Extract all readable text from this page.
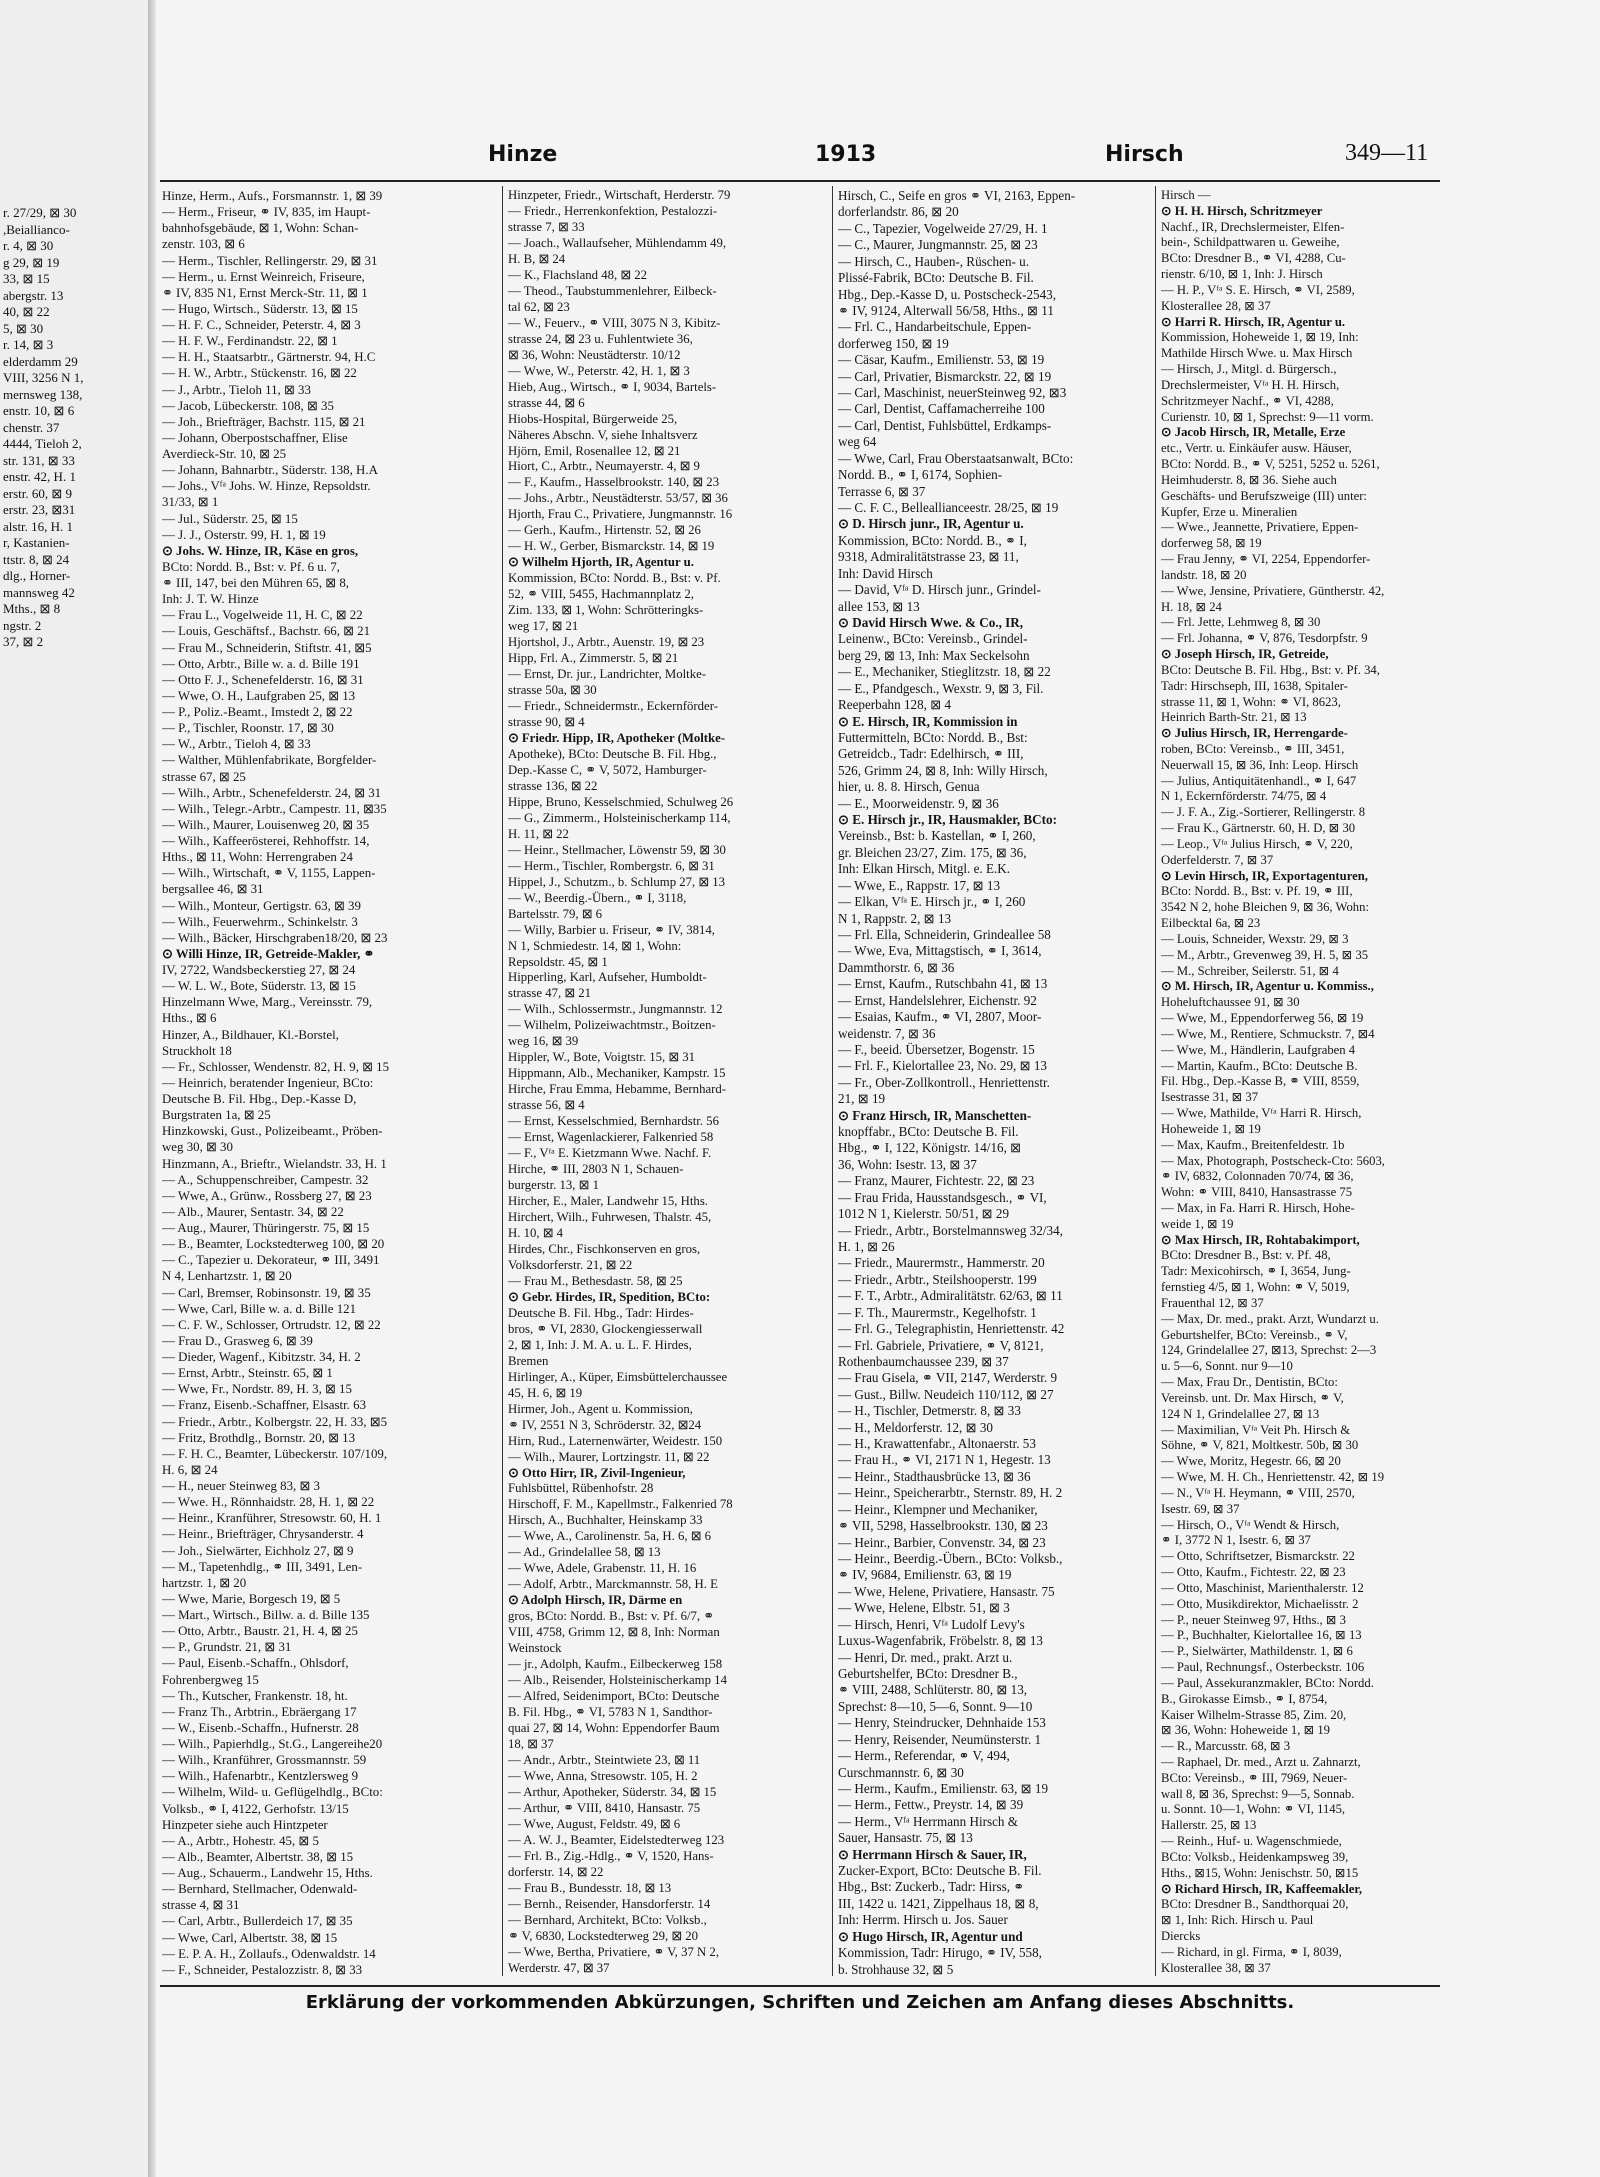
r. 27/29, ⊠ 30
,Beiallianco-
r. 4, ⊠ 30
g 29, ⊠ 19
33, ⊠ 15
abergstr. 13
40, ⊠ 22
5, ⊠ 30
r. 14, ⊠ 3
elderdamm 29
VIII, 3256 N 1,
mernsweg 138,
enstr. 10, ⊠ 6
chenstr. 37
4444, Tieloh 2,
str. 131, ⊠ 33
enstr. 42, H. 1
erstr. 60, ⊠ 9
erstr. 23, ⊠31
alstr. 16, H. 1
r, Kastanien-
ttstr. 8, ⊠ 24
dlg., Horner-
mannsweg 42
Mths., ⊠ 8
ngstr. 2
37, ⊠ 2
Hinze	1913	Hirsch	349—11
Hinze, Herm., Aufs., Forsmannstr. 1, ⊠ 39
— Herm., Friseur, ⚭ IV, 835, im Haupt-
bahnhofsgebäude, ⊠ 1, Wohn: Schan-
zenstr. 103, ⊠ 6
— Herm., Tischler, Rellingerstr. 29, ⊠ 31
— Herm., u. Ernst Weinreich, Friseure,
⚭ IV, 835 N1, Ernst Merck-Str. 11, ⊠ 1
— Hugo, Wirtsch., Süderstr. 13, ⊠ 15
— H. F. C., Schneider, Peterstr. 4, ⊠ 3
— H. F. W., Ferdinandstr. 22, ⊠ 1
— H. H., Staatsarbtr., Gärtnerstr. 94, H.C
— H. W., Arbtr., Stückenstr. 16, ⊠ 22
— J., Arbtr., Tieloh 11, ⊠ 33
— Jacob, Lübeckerstr. 108, ⊠ 35
— Joh., Briefträger, Bachstr. 115, ⊠ 21
— Johann, Oberpostschaffner, Elise
Averdieck-Str. 10, ⊠ 25
— Johann, Bahnarbtr., Süderstr. 138, H.A
— Johs., Vᶠᵃ Johs. W. Hinze, Repsoldstr.
31/33, ⊠ 1
— Jul., Süderstr. 25, ⊠ 15
— J. J., Osterstr. 99, H. 1, ⊠ 19
⊙ Johs. W. Hinze, IR, Käse en gros,
BCto: Nordd. B., Bst: v. Pf. 6 u. 7,
⚭ III, 147, bei den Mühren 65, ⊠ 8,
Inh: J. T. W. Hinze
— Frau L., Vogelweide 11, H. C, ⊠ 22
— Louis, Geschäftsf., Bachstr. 66, ⊠ 21
— Frau M., Schneiderin, Stiftstr. 41, ⊠5
— Otto, Arbtr., Bille w. a. d. Bille 191
— Otto F. J., Schenefelderstr. 16, ⊠ 31
— Wwe, O. H., Laufgraben 25, ⊠ 13
— P., Poliz.-Beamt., Imstedt 2, ⊠ 22
— P., Tischler, Roonstr. 17, ⊠ 30
— W., Arbtr., Tieloh 4, ⊠ 33
— Walther, Mühlenfabrikate, Borgfelder-
strasse 67, ⊠ 25
— Wilh., Arbtr., Schenefelderstr. 24, ⊠ 31
— Wilh., Telegr.-Arbtr., Campestr. 11, ⊠35
— Wilh., Maurer, Louisenweg 20, ⊠ 35
— Wilh., Kaffeerösterei, Rehhoffstr. 14,
Hths., ⊠ 11, Wohn: Herrengraben 24
— Wilh., Wirtschaft, ⚭ V, 1155, Lappen-
bergsallee 46, ⊠ 31
— Wilh., Monteur, Gertigstr. 63, ⊠ 39
— Wilh., Feuerwehrm., Schinkelstr. 3
— Wilh., Bäcker, Hirschgraben18/20, ⊠ 23
⊙ Willi Hinze, IR, Getreide-Makler, ⚭
IV, 2722, Wandsbeckerstieg 27, ⊠ 24
— W. L. W., Bote, Süderstr. 13, ⊠ 15
Hinzelmann Wwe, Marg., Vereinsstr. 79,
Hths., ⊠ 6
Hinzer, A., Bildhauer, Kl.-Borstel,
Struckholt 18
— Fr., Schlosser, Wendenstr. 82, H. 9, ⊠ 15
— Heinrich, beratender Ingenieur, BCto:
Deutsche B. Fil. Hbg., Dep.-Kasse D,
Burgstraten 1a, ⊠ 25
Hinzkowski, Gust., Polizeibeamt., Pröben-
weg 30, ⊠ 30
Hinzmann, A., Brieftr., Wielandstr. 33, H. 1
— A., Schuppenschreiber, Campestr. 32
— Wwe, A., Grünw., Rossberg 27, ⊠ 23
— Alb., Maurer, Sentastr. 34, ⊠ 22
— Aug., Maurer, Thüringerstr. 75, ⊠ 15
— B., Beamter, Lockstedterweg 100, ⊠ 20
— C., Tapezier u. Dekorateur, ⚭ III, 3491
N 4, Lenhartzstr. 1, ⊠ 20
— Carl, Bremser, Robinsonstr. 19, ⊠ 35
— Wwe, Carl, Bille w. a. d. Bille 121
— C. F. W., Schlosser, Ortrudstr. 12, ⊠ 22
— Frau D., Grasweg 6, ⊠ 39
— Dieder, Wagenf., Kibitzstr. 34, H. 2
— Ernst, Arbtr., Steinstr. 65, ⊠ 1
— Wwe, Fr., Nordstr. 89, H. 3, ⊠ 15
— Franz, Eisenb.-Schaffner, Elsastr. 63
— Friedr., Arbtr., Kolbergstr. 22, H. 33, ⊠5
— Fritz, Brothdlg., Bornstr. 20, ⊠ 13
— F. H. C., Beamter, Lübeckerstr. 107/109,
H. 6, ⊠ 24
— H., neuer Steinweg 83, ⊠ 3
— Wwe. H., Rönnhaidstr. 28, H. 1, ⊠ 22
— Heinr., Kranführer, Stresowstr. 60, H. 1
— Heinr., Briefträger, Chrysanderstr. 4
— Joh., Sielwärter, Eichholz 27, ⊠ 9
— M., Tapetenhdlg., ⚭ III, 3491, Len-
hartzstr. 1, ⊠ 20
— Wwe, Marie, Borgesch 19, ⊠ 5
— Mart., Wirtsch., Billw. a. d. Bille 135
— Otto, Arbtr., Baustr. 21, H. 4, ⊠ 25
— P., Grundstr. 21, ⊠ 31
— Paul, Eisenb.-Schaffn., Ohlsdorf,
Fohrenbergweg 15
— Th., Kutscher, Frankenstr. 18, ht.
— Franz Th., Arbtrin., Ebräergang 17
— W., Eisenb.-Schaffn., Hufnerstr. 28
— Wilh., Papierhdlg., St.G., Langereihe20
— Wilh., Kranführer, Grossmannstr. 59
— Wilh., Hafenarbtr., Kentzlersweg 9
— Wilhelm, Wild- u. Geflügelhdlg., BCto:
Volksb., ⚭ I, 4122, Gerhofstr. 13/15
Hinzpeter siehe auch Hintzpeter
— A., Arbtr., Hohestr. 45, ⊠ 5
— Alb., Beamter, Albertstr. 38, ⊠ 15
— Aug., Schauerm., Landwehr 15, Hths.
— Bernhard, Stellmacher, Odenwald-
strasse 4, ⊠ 31
— Carl, Arbtr., Bullerdeich 17, ⊠ 35
— Wwe, Carl, Albertstr. 38, ⊠ 15
— E. P. A. H., Zollaufs., Odenwaldstr. 14
— F., Schneider, Pestalozzistr. 8, ⊠ 33
Hinzpeter, Friedr., Wirtschaft, Herderstr. 79
— Friedr., Herrenkonfektion, Pestalozzi-
strasse 7, ⊠ 33
— Joach., Wallaufseher, Mühlendamm 49,
H. B, ⊠ 24
— K., Flachsland 48, ⊠ 22
— Theod., Taubstummenlehrer, Eilbeck-
tal 62, ⊠ 23
— W., Feuerv., ⚭ VIII, 3075 N 3, Kibitz-
strasse 24, ⊠ 23 u. Fuhlentwiete 36,
⊠ 36, Wohn: Neustädterstr. 10/12
— Wwe, W., Peterstr. 42, H. 1, ⊠ 3
Hieb, Aug., Wirtsch., ⚭ I, 9034, Bartels-
strasse 44, ⊠ 6
Hiobs-Hospital, Bürgerweide 25,
Näheres Abschn. V, siehe Inhaltsverz
Hjörn, Emil, Rosenallee 12, ⊠ 21
Hiort, C., Arbtr., Neumayerstr. 4, ⊠ 9
— F., Kaufm., Hasselbrookstr. 140, ⊠ 23
— Johs., Arbtr., Neustädterstr. 53/57, ⊠ 36
Hjorth, Frau C., Privatiere, Jungmannstr. 16
— Gerh., Kaufm., Hirtenstr. 52, ⊠ 26
— H. W., Gerber, Bismarckstr. 14, ⊠ 19
⊙ Wilhelm Hjorth, IR, Agentur u.
Kommission, BCto: Nordd. B., Bst: v. Pf.
52, ⚭ VIII, 5455, Hachmannplatz 2,
Zim. 133, ⊠ 1, Wohn: Schrötteringks-
weg 17, ⊠ 21
Hjortshol, J., Arbtr., Auenstr. 19, ⊠ 23
Hipp, Frl. A., Zimmerstr. 5, ⊠ 21
— Ernst, Dr. jur., Landrichter, Moltke-
strasse 50a, ⊠ 30
— Friedr., Schneidermstr., Eckernförder-
strasse 90, ⊠ 4
⊙ Friedr. Hipp, IR, Apotheker (Moltke-
Apotheke), BCto: Deutsche B. Fil. Hbg.,
Dep.-Kasse C, ⚭ V, 5072, Hamburger-
strasse 136, ⊠ 22
Hippe, Bruno, Kesselschmied, Schulweg 26
— G., Zimmerm., Holsteinischerkamp 114,
H. 11, ⊠ 22
— Heinr., Stellmacher, Löwenstr 59, ⊠ 30
— Herm., Tischler, Rombergstr. 6, ⊠ 31
Hippel, J., Schutzm., b. Schlump 27, ⊠ 13
— W., Beerdig.-Übern., ⚭ I, 3118,
Bartelsstr. 79, ⊠ 6
— Willy, Barbier u. Friseur, ⚭ IV, 3814,
N 1, Schmiedestr. 14, ⊠ 1, Wohn:
Repsoldstr. 45, ⊠ 1
Hipperling, Karl, Aufseher, Humboldt-
strasse 47, ⊠ 21
— Wilh., Schlossermstr., Jungmannstr. 12
— Wilhelm, Polizeiwachtmstr., Boitzen-
weg 16, ⊠ 39
Hippler, W., Bote, Voigtstr. 15, ⊠ 31
Hippmann, Alb., Mechaniker, Kampstr. 15
Hirche, Frau Emma, Hebamme, Bernhard-
strasse 56, ⊠ 4
— Ernst, Kesselschmied, Bernhardstr. 56
— Ernst, Wagenlackierer, Falkenried 58
— F., Vᶠᵃ E. Kietzmann Wwe. Nachf. F.
Hirche, ⚭ III, 2803 N 1, Schauen-
burgerstr. 13, ⊠ 1
Hircher, E., Maler, Landwehr 15, Hths.
Hirchert, Wilh., Fuhrwesen, Thalstr. 45,
H. 10, ⊠ 4
Hirdes, Chr., Fischkonserven en gros,
Volksdorferstr. 21, ⊠ 22
— Frau M., Bethesdastr. 58, ⊠ 25
⊙ Gebr. Hirdes, IR, Spedition, BCto:
Deutsche B. Fil. Hbg., Tadr: Hirdes-
bros, ⚭ VI, 2830, Glockengiesserwall
2, ⊠ 1, Inh: J. M. A. u. L. F. Hirdes,
Bremen
Hirlinger, A., Küper, Eimsbüttelerchaussee
45, H. 6, ⊠ 19
Hirmer, Joh., Agent u. Kommission,
⚭ IV, 2551 N 3, Schröderstr. 32, ⊠24
Hirn, Rud., Laternenwärter, Weidestr. 150
— Wilh., Maurer, Lortzingstr. 11, ⊠ 22
⊙ Otto Hirr, IR, Zivil-Ingenieur,
Fuhlsbüttel, Rübenhofstr. 28
Hirschoff, F. M., Kapellmstr., Falkenried 78
Hirsch, A., Buchhalter, Heinskamp 33
— Wwe, A., Carolinenstr. 5a, H. 6, ⊠ 6
— Ad., Grindelallee 58, ⊠ 13
— Wwe, Adele, Grabenstr. 11, H. 16
— Adolf, Arbtr., Marckmannstr. 58, H. E
⊙ Adolph Hirsch, IR, Därme en
gros, BCto: Nordd. B., Bst: v. Pf. 6/7, ⚭
VIII, 4758, Grimm 12, ⊠ 8, Inh: Norman
Weinstock
— jr., Adolph, Kaufm., Eilbeckerweg 158
— Alb., Reisender, Holsteinischerkamp 14
— Alfred, Seidenimport, BCto: Deutsche
B. Fil. Hbg., ⚭ VI, 5783 N 1, Sandthor-
quai 27, ⊠ 14, Wohn: Eppendorfer Baum
18, ⊠ 37
— Andr., Arbtr., Steintwiete 23, ⊠ 11
— Wwe, Anna, Stresowstr. 105, H. 2
— Arthur, Apotheker, Süderstr. 34, ⊠ 15
— Arthur, ⚭ VIII, 8410, Hansastr. 75
— Wwe, August, Feldstr. 49, ⊠ 6
— A. W. J., Beamter, Eidelstedterweg 123
— Frl. B., Zig.-Hdlg., ⚭ V, 1520, Hans-
dorferstr. 14, ⊠ 22
— Frau B., Bundesstr. 18, ⊠ 13
— Bernh., Reisender, Hansdorferstr. 14
— Bernhard, Architekt, BCto: Volksb.,
⚭ V, 6830, Lockstedterweg 29, ⊠ 20
— Wwe, Bertha, Privatiere, ⚭ V, 37 N 2,
Werderstr. 47, ⊠ 37
Hirsch, C., Seife en gros ⚭ VI, 2163, Eppen-
dorferlandstr. 86, ⊠ 20
— C., Tapezier, Vogelweide 27/29, H. 1
— C., Maurer, Jungmannstr. 25, ⊠ 23
— Hirsch, C., Hauben-, Rüschen- u.
Plissé-Fabrik, BCto: Deutsche B. Fil.
Hbg., Dep.-Kasse D, u. Postscheck-2543,
⚭ IV, 9124, Alterwall 56/58, Hths., ⊠ 11
— Frl. C., Handarbeitschule, Eppen-
dorferweg 150, ⊠ 19
— Cäsar, Kaufm., Emilienstr. 53, ⊠ 19
— Carl, Privatier, Bismarckstr. 22, ⊠ 19
— Carl, Maschinist, neuerSteinweg 92, ⊠3
— Carl, Dentist, Caffamacherreihe 100
— Carl, Dentist, Fuhlsbüttel, Erdkamps-
weg 64
— Wwe, Carl, Frau Oberstaatsanwalt, BCto:
Nordd. B., ⚭ I, 6174, Sophien-
Terrasse 6, ⊠ 37
— C. F. C., Belleallianceestr. 28/25, ⊠ 19
⊙ D. Hirsch junr., IR, Agentur u.
Kommission, BCto: Nordd. B., ⚭ I,
9318, Admiralitätstrasse 23, ⊠ 11,
Inh: David Hirsch
— David, Vᶠᵃ D. Hirsch junr., Grindel-
allee 153, ⊠ 13
⊙ David Hirsch Wwe. & Co., IR,
Leinenw., BCto: Vereinsb., Grindel-
berg 29, ⊠ 13, Inh: Max Seckelsohn
— E., Mechaniker, Stieglitzstr. 18, ⊠ 22
— E., Pfandgesch., Wexstr. 9, ⊠ 3, Fil.
Reeperbahn 128, ⊠ 4
⊙ E. Hirsch, IR, Kommission in
Futtermitteln, BCto: Nordd. B., Bst:
Getreidcb., Tadr: Edelhirsch, ⚭ III,
526, Grimm 24, ⊠ 8, Inh: Willy Hirsch,
hier, u. 8. 8. Hirsch, Genua
— E., Moorweidenstr. 9, ⊠ 36
⊙ E. Hirsch jr., IR, Hausmakler, BCto:
Vereinsb., Bst: b. Kastellan, ⚭ I, 260,
gr. Bleichen 23/27, Zim. 175, ⊠ 36,
Inh: Elkan Hirsch, Mitgl. e. E.K.
— Wwe, E., Rappstr. 17, ⊠ 13
— Elkan, Vᶠᵃ E. Hirsch jr., ⚭ I, 260
N 1, Rappstr. 2, ⊠ 13
— Frl. Ella, Schneiderin, Grindeallee 58
— Wwe, Eva, Mittagstisch, ⚭ I, 3614,
Dammthorstr. 6, ⊠ 36
— Ernst, Kaufm., Rutschbahn 41, ⊠ 13
— Ernst, Handelslehrer, Eichenstr. 92
— Esaias, Kaufm., ⚭ VI, 2807, Moor-
weidenstr. 7, ⊠ 36
— F., beeid. Übersetzer, Bogenstr. 15
— Frl. F., Kielortallee 23, No. 29, ⊠ 13
— Fr., Ober-Zollkontroll., Henriettenstr.
21, ⊠ 19
⊙ Franz Hirsch, IR, Manschetten-
knopffabr., BCto: Deutsche B. Fil.
Hbg., ⚭ I, 122, Königstr. 14/16, ⊠
36, Wohn: Isestr. 13, ⊠ 37
— Franz, Maurer, Fichtestr. 22, ⊠ 23
— Frau Frida, Hausstandsgesch., ⚭ VI,
1012 N 1, Kielerstr. 50/51, ⊠ 29
— Friedr., Arbtr., Borstelmannsweg 32/34,
H. 1, ⊠ 26
— Friedr., Maurermstr., Hammerstr. 20
— Friedr., Arbtr., Steilshooperstr. 199
— F. T., Arbtr., Admiralitätstr. 62/63, ⊠ 11
— F. Th., Maurermstr., Kegelhofstr. 1
— Frl. G., Telegraphistin, Henriettenstr. 42
— Frl. Gabriele, Privatiere, ⚭ V, 8121,
Rothenbaumchaussee 239, ⊠ 37
— Frau Gisela, ⚭ VII, 2147, Werderstr. 9
— Gust., Billw. Neudeich 110/112, ⊠ 27
— H., Tischler, Detmerstr. 8, ⊠ 33
— H., Meldorferstr. 12, ⊠ 30
— H., Krawattenfabr., Altonaerstr. 53
— Frau H., ⚭ VI, 2171 N 1, Hegestr. 13
— Heinr., Stadthausbrücke 13, ⊠ 36
— Heinr., Speicherarbtr., Sternstr. 89, H. 2
— Heinr., Klempner und Mechaniker,
⚭ VII, 5298, Hasselbrookstr. 130, ⊠ 23
— Heinr., Barbier, Convenstr. 34, ⊠ 23
— Heinr., Beerdig.-Übern., BCto: Volksb.,
⚭ IV, 9684, Emilienstr. 63, ⊠ 19
— Wwe, Helene, Privatiere, Hansastr. 75
— Wwe, Helene, Elbstr. 51, ⊠ 3
— Hirsch, Henri, Vᶠᵃ Ludolf Levy's
Luxus-Wagenfabrik, Fröbelstr. 8, ⊠ 13
— Henri, Dr. med., prakt. Arzt u.
Geburtshelfer, BCto: Dresdner B.,
⚭ VIII, 2488, Schlüterstr. 80, ⊠ 13,
Sprechst: 8—10, 5—6, Sonnt. 9—10
— Henry, Steindrucker, Dehnhaide 153
— Henry, Reisender, Neumünsterstr. 1
— Herm., Referendar, ⚭ V, 494,
Curschmannstr. 6, ⊠ 30
— Herm., Kaufm., Emilienstr. 63, ⊠ 19
— Herm., Fettw., Preystr. 14, ⊠ 39
— Herm., Vᶠᵃ Herrmann Hirsch &
Sauer, Hansastr. 75, ⊠ 13
⊙ Herrmann Hirsch & Sauer, IR,
Zucker-Export, BCto: Deutsche B. Fil.
Hbg., Bst: Zuckerb., Tadr: Hirss, ⚭
III, 1422 u. 1421, Zippelhaus 18, ⊠ 8,
Inh: Herrm. Hirsch u. Jos. Sauer
⊙ Hugo Hirsch, IR, Agentur und
Kommission, Tadr: Hirugo, ⚭ IV, 558,
b. Strohhause 32, ⊠ 5
Hirsch —
⊙ H. H. Hirsch, Schritzmeyer
Nachf., IR, Drechslermeister, Elfen-
bein-, Schildpattwaren u. Geweihe,
BCto: Dresdner B., ⚭ VI, 4288, Cu-
rienstr. 6/10, ⊠ 1, Inh: J. Hirsch
— H. P., Vᶠᵃ S. E. Hirsch, ⚭ VI, 2589,
Klosterallee 28, ⊠ 37
⊙ Harri R. Hirsch, IR, Agentur u.
Kommission, Hoheweide 1, ⊠ 19, Inh:
Mathilde Hirsch Wwe. u. Max Hirsch
— Hirsch, J., Mitgl. d. Bürgersch.,
Drechslermeister, Vᶠᵃ H. H. Hirsch,
Schritzmeyer Nachf., ⚭ VI, 4288,
Curienstr. 10, ⊠ 1, Sprechst: 9—11 vorm.
⊙ Jacob Hirsch, IR, Metalle, Erze
etc., Vertr. u. Einkäufer ausw. Häuser,
BCto: Nordd. B., ⚭ V, 5251, 5252 u. 5261,
Heimhuderstr. 8, ⊠ 36. Siehe auch
Geschäfts- und Berufszweige (III) unter:
Kupfer, Erze u. Mineralien
— Wwe., Jeannette, Privatiere, Eppen-
dorferweg 58, ⊠ 19
— Frau Jenny, ⚭ VI, 2254, Eppendorfer-
landstr. 18, ⊠ 20
— Wwe, Jensine, Privatiere, Güntherstr. 42,
H. 18, ⊠ 24
— Frl. Jette, Lehmweg 8, ⊠ 30
— Frl. Johanna, ⚭ V, 876, Tesdorpfstr. 9
⊙ Joseph Hirsch, IR, Getreide,
BCto: Deutsche B. Fil. Hbg., Bst: v. Pf. 34,
Tadr: Hirschseph, III, 1638, Spitaler-
strasse 11, ⊠ 1, Wohn: ⚭ VI, 8623,
Heinrich Barth-Str. 21, ⊠ 13
⊙ Julius Hirsch, IR, Herrengarde-
roben, BCto: Vereinsb., ⚭ III, 3451,
Neuerwall 15, ⊠ 36, Inh: Leop. Hirsch
— Julius, Antiquitätenhandl., ⚭ I, 647
N 1, Eckernförderstr. 74/75, ⊠ 4
— J. F. A., Zig.-Sortierer, Rellingerstr. 8
— Frau K., Gärtnerstr. 60, H. D, ⊠ 30
— Leop., Vᶠᵃ Julius Hirsch, ⚭ V, 220,
Oderfelderstr. 7, ⊠ 37
⊙ Levin Hirsch, IR, Exportagenturen,
BCto: Nordd. B., Bst: v. Pf. 19, ⚭ III,
3542 N 2, hohe Bleichen 9, ⊠ 36, Wohn:
Eilbecktal 6a, ⊠ 23
— Louis, Schneider, Wexstr. 29, ⊠ 3
— M., Arbtr., Grevenweg 39, H. 5, ⊠ 35
— M., Schreiber, Seilerstr. 51, ⊠ 4
⊙ M. Hirsch, IR, Agentur u. Kommiss.,
Hoheluftchaussee 91, ⊠ 30
— Wwe, M., Eppendorferweg 56, ⊠ 19
— Wwe, M., Rentiere, Schmuckstr. 7, ⊠4
— Wwe, M., Händlerin, Laufgraben 4
— Martin, Kaufm., BCto: Deutsche B.
Fil. Hbg., Dep.-Kasse B, ⚭ VIII, 8559,
Isestrasse 31, ⊠ 37
— Wwe, Mathilde, Vᶠᵃ Harri R. Hirsch,
Hoheweide 1, ⊠ 19
— Max, Kaufm., Breitenfeldestr. 1b
— Max, Photograph, Postscheck-Cto: 5603,
⚭ IV, 6832, Colonnaden 70/74, ⊠ 36,
Wohn: ⚭ VIII, 8410, Hansastrasse 75
— Max, in Fa. Harri R. Hirsch, Hohe-
weide 1, ⊠ 19
⊙ Max Hirsch, IR, Rohtabakimport,
BCto: Dresdner B., Bst: v. Pf. 48,
Tadr: Mexicohirsch, ⚭ I, 3654, Jung-
fernstieg 4/5, ⊠ 1, Wohn: ⚭ V, 5019,
Frauenthal 12, ⊠ 37
— Max, Dr. med., prakt. Arzt, Wundarzt u.
Geburtshelfer, BCto: Vereinsb., ⚭ V,
124, Grindelallee 27, ⊠13, Sprechst: 2—3
u. 5—6, Sonnt. nur 9—10
— Max, Frau Dr., Dentistin, BCto:
Vereinsb. unt. Dr. Max Hirsch, ⚭ V,
124 N 1, Grindelallee 27, ⊠ 13
— Maximilian, Vᶠᵃ Veit Ph. Hirsch &
Söhne, ⚭ V, 821, Moltkestr. 50b, ⊠ 30
— Wwe, Moritz, Hegestr. 66, ⊠ 20
— Wwe, M. H. Ch., Henriettenstr. 42, ⊠ 19
— N., Vᶠᵃ H. Heymann, ⚭ VIII, 2570,
Isestr. 69, ⊠ 37
— Hirsch, O., Vᶠᵃ Wendt & Hirsch,
⚭ I, 3772 N 1, Isestr. 6, ⊠ 37
— Otto, Schriftsetzer, Bismarckstr. 22
— Otto, Kaufm., Fichtestr. 22, ⊠ 23
— Otto, Maschinist, Marienthalerstr. 12
— Otto, Musikdirektor, Michaelisstr. 2
— P., neuer Steinweg 97, Hths., ⊠ 3
— P., Buchhalter, Kielortallee 16, ⊠ 13
— P., Sielwärter, Mathildenstr. 1, ⊠ 6
— Paul, Rechnungsf., Osterbeckstr. 106
— Paul, Assekuranzmakler, BCto: Nordd.
B., Girokasse Eimsb., ⚭ I, 8754,
Kaiser Wilhelm-Strasse 85, Zim. 20,
⊠ 36, Wohn: Hoheweide 1, ⊠ 19
— R., Marcusstr. 68, ⊠ 3
— Raphael, Dr. med., Arzt u. Zahnarzt,
BCto: Vereinsb., ⚭ III, 7969, Neuer-
wall 8, ⊠ 36, Sprechst: 9—5, Sonnab.
u. Sonnt. 10—1, Wohn: ⚭ VI, 1145,
Hallerstr. 25, ⊠ 13
— Reinh., Huf- u. Wagenschmiede,
BCto: Volksb., Heidenkampsweg 39,
Hths., ⊠15, Wohn: Jenischstr. 50, ⊠15
⊙ Richard Hirsch, IR, Kaffeemakler,
BCto: Dresdner B., Sandthorquai 20,
⊠ 1, Inh: Rich. Hirsch u. Paul
Diercks
— Richard, in gl. Firma, ⚭ I, 8039,
Klosterallee 38, ⊠ 37
Erklärung der vorkommenden Abkürzungen, Schriften und Zeichen am Anfang dieses Abschnitts.
